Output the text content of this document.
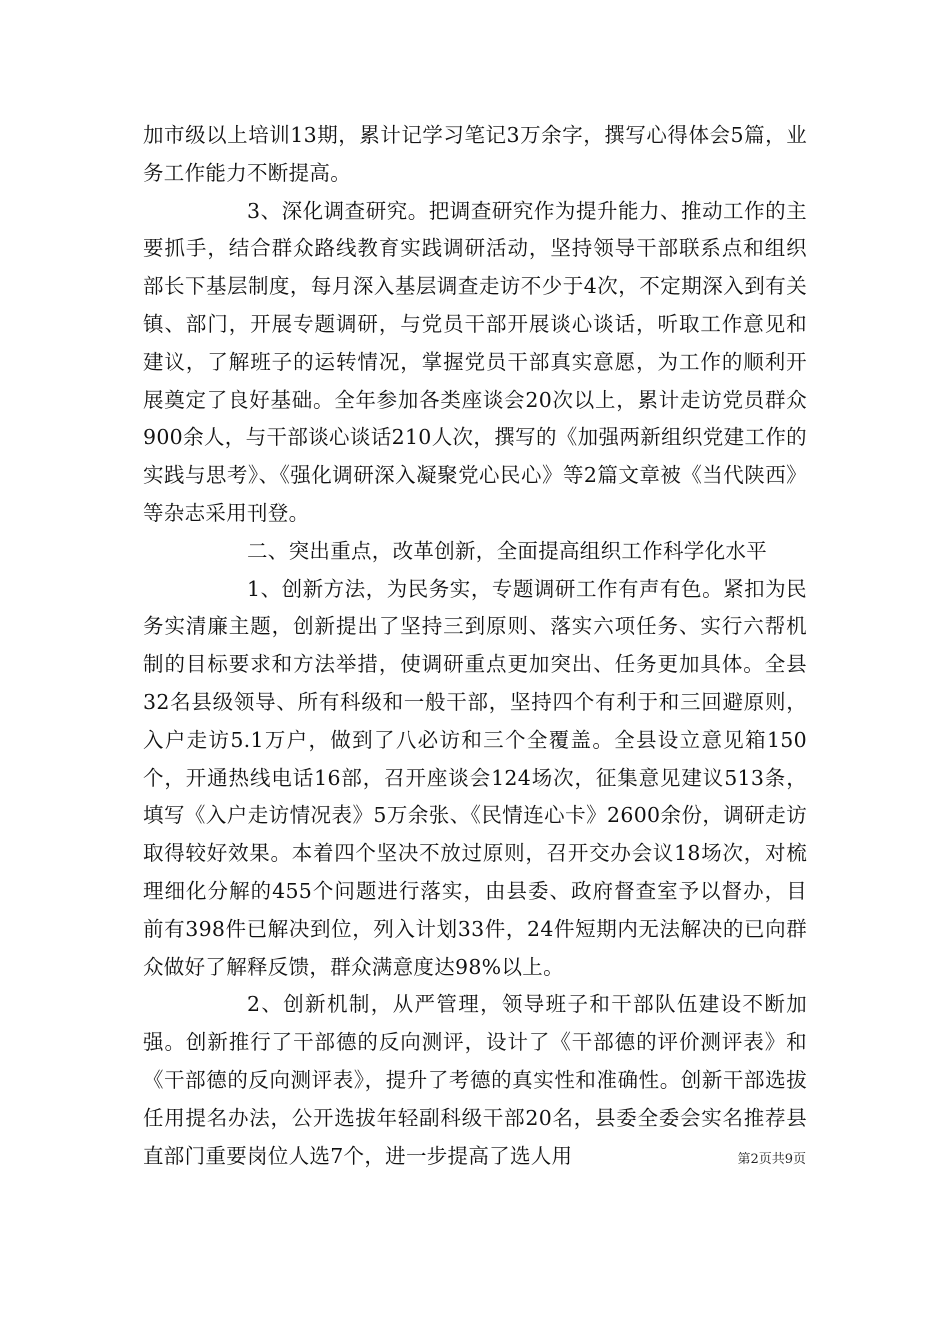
加市级以上培训13期，累计记学习笔记3万余字，撰写心得体会5篇，业务工作能力不断提高。

3、深化调查研究。把调查研究作为提升能力、推动工作的主要抓手，结合群众路线教育实践调研活动，坚持领导干部联系点和组织部长下基层制度，每月深入基层调查走访不少于4次，不定期深入到有关镇、部门，开展专题调研，与党员干部开展谈心谈话，听取工作意见和建议，了解班子的运转情况，掌握党员干部真实意愿，为工作的顺利开展奠定了良好基础。全年参加各类座谈会20次以上，累计走访党员群众900余人，与干部谈心谈话210人次，撰写的《加强两新组织党建工作的实践与思考》、《强化调研深入凝聚党心民心》等2篇文章被《当代陕西》等杂志采用刊登。

二、突出重点，改革创新，全面提高组织工作科学化水平

1、创新方法，为民务实，专题调研工作有声有色。紧扣为民务实清廉主题，创新提出了坚持三到原则、落实六项任务、实行六帮机制的目标要求和方法举措，使调研重点更加突出、任务更加具体。全县32名县级领导、所有科级和一般干部，坚持四个有利于和三回避原则，入户走访5.1万户，做到了八必访和三个全覆盖。全县设立意见箱150个，开通热线电话16部，召开座谈会124场次，征集意见建议513条，填写《入户走访情况表》5万余张、《民情连心卡》2600余份，调研走访取得较好效果。本着四个坚决不放过原则，召开交办会议18场次，对梳理细化分解的455个问题进行落实，由县委、政府督查室予以督办，目前有398件已解决到位，列入计划33件，24件短期内无法解决的已向群众做好了解释反馈，群众满意度达98%以上。

2、创新机制，从严管理，领导班子和干部队伍建设不断加强。创新推行了干部德的反向测评，设计了《干部德的评价测评表》和《干部德的反向测评表》，提升了考德的真实性和准确性。创新干部选拔任用提名办法，公开选拔年轻副科级干部20名，县委全委会实名推荐县直部门重要岗位人选7个，进一步提高了选人用	第2页共9页
